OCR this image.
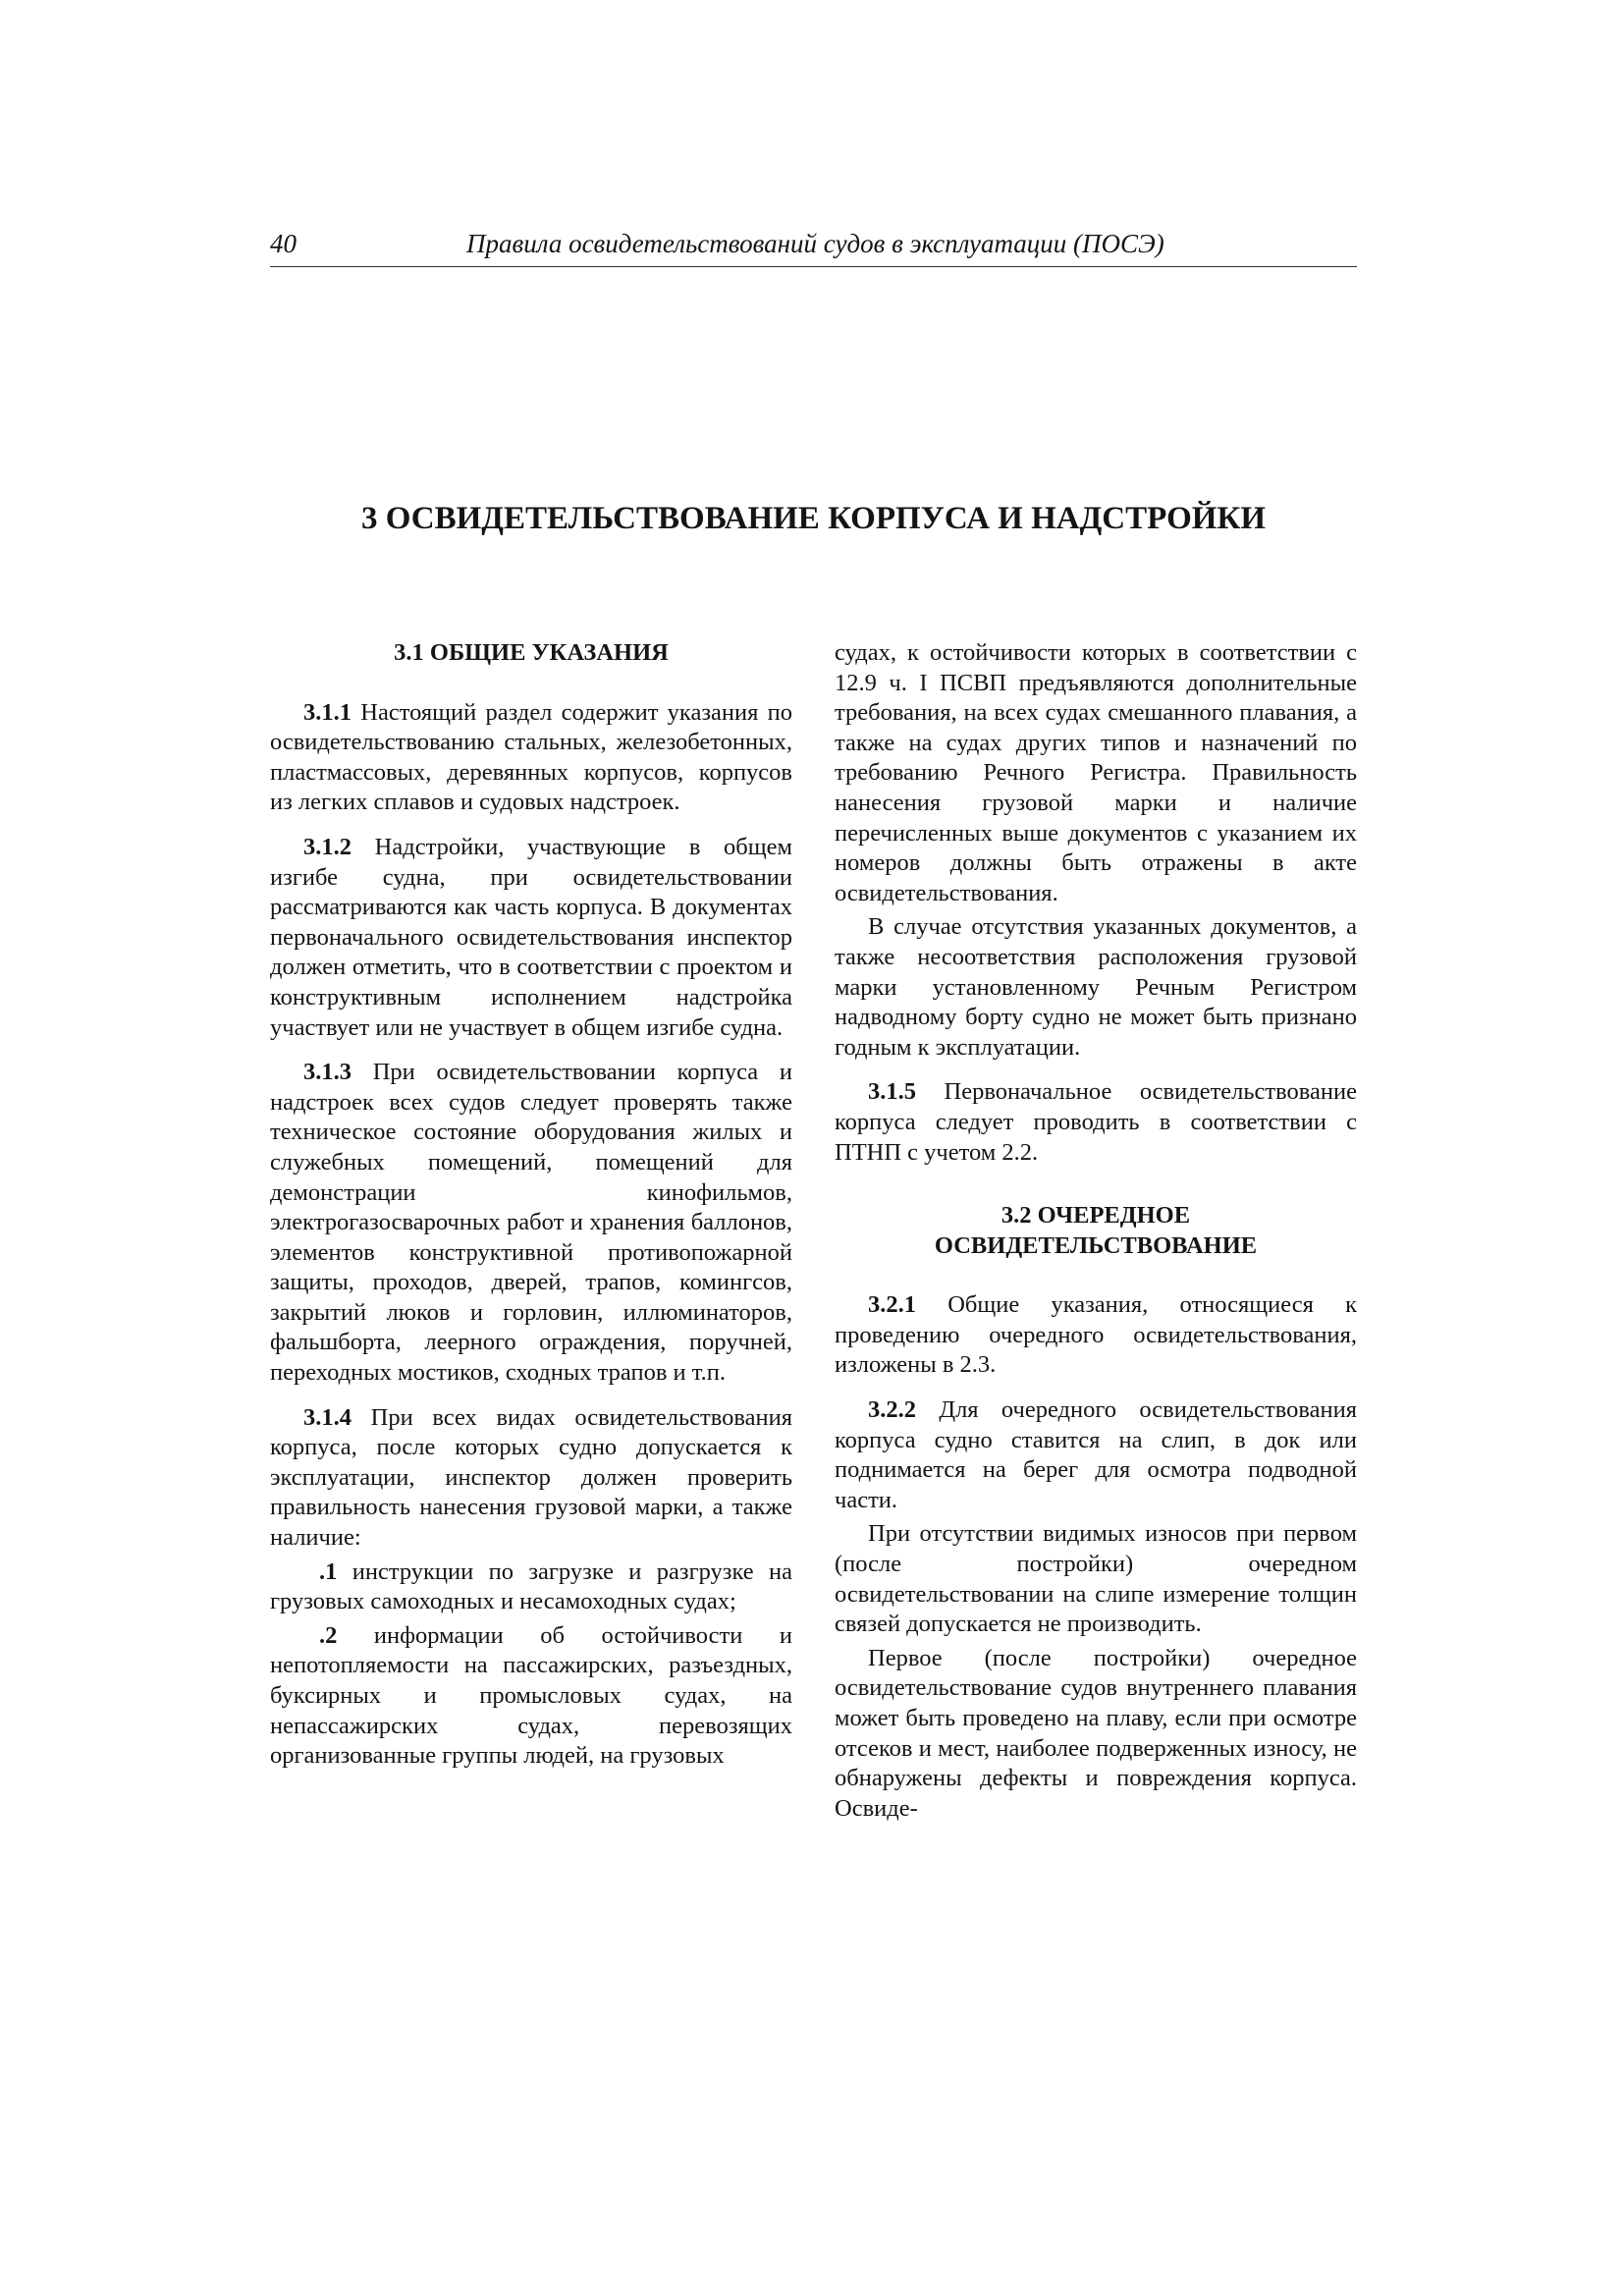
40	Правила освидетельствований судов в эксплуатации (ПОСЭ)
3 ОСВИДЕТЕЛЬСТВОВАНИЕ КОРПУСА И НАДСТРОЙКИ
3.1 ОБЩИЕ УКАЗАНИЯ

3.1.1 Настоящий раздел содержит указания по освидетельствованию стальных, железобетонных, пластмассовых, деревянных корпусов, корпусов из легких сплавов и судовых надстроек.

3.1.2 Надстройки, участвующие в общем изгибе судна, при освидетельствовании рассматриваются как часть корпуса. В документах первоначального освидетельствования инспектор должен отметить, что в соответствии с проектом и конструктивным исполнением надстройка участвует или не участвует в общем изгибе судна.

3.1.3 При освидетельствовании корпуса и надстроек всех судов следует проверять также техническое состояние оборудования жилых и служебных помещений, помещений для демонстрации кинофильмов, электрогазосварочных работ и хранения баллонов, элементов конструктивной противопожарной защиты, проходов, дверей, трапов, комингсов, закрытий люков и горловин, иллюминаторов, фальшборта, леерного ограждения, поручней, переходных мостиков, сходных трапов и т.п.

3.1.4 При всех видах освидетельствования корпуса, после которых судно допускается к эксплуатации, инспектор должен проверить правильность нанесения грузовой марки, а также наличие:

.1 инструкции по загрузке и разгрузке на грузовых самоходных и несамоходных судах;

.2 информации об остойчивости и непотопляемости на пассажирских, разъездных, буксирных и промысловых судах, на непассажирских судах, перевозящих организованные группы людей, на грузовых

судах, к остойчивости которых в соответствии с 12.9 ч. I ПСВП предъявляются дополнительные требования, на всех судах смешанного плавания, а также на судах других типов и назначений по требованию Речного Регистра. Правильность нанесения грузовой марки и наличие перечисленных выше документов с указанием их номеров должны быть отражены в акте освидетельствования.

В случае отсутствия указанных документов, а также несоответствия расположения грузовой марки установленному Речным Регистром надводному борту судно не может быть признано годным к эксплуатации.

3.1.5 Первоначальное освидетельствование корпуса следует проводить в соответствии с ПТНП с учетом 2.2.

3.2 ОЧЕРЕДНОЕ
ОСВИДЕТЕЛЬСТВОВАНИЕ

3.2.1 Общие указания, относящиеся к проведению очередного освидетельствования, изложены в 2.3.

3.2.2 Для очередного освидетельствования корпуса судно ставится на слип, в док или поднимается на берег для осмотра подводной части.

При отсутствии видимых износов при первом (после постройки) очередном освидетельствовании на слипе измерение толщин связей допускается не производить.

Первое (после постройки) очередное освидетельствование судов внутреннего плавания может быть проведено на плаву, если при осмотре отсеков и мест, наиболее подверженных износу, не обнаружены дефекты и повреждения корпуса. Освиде-
